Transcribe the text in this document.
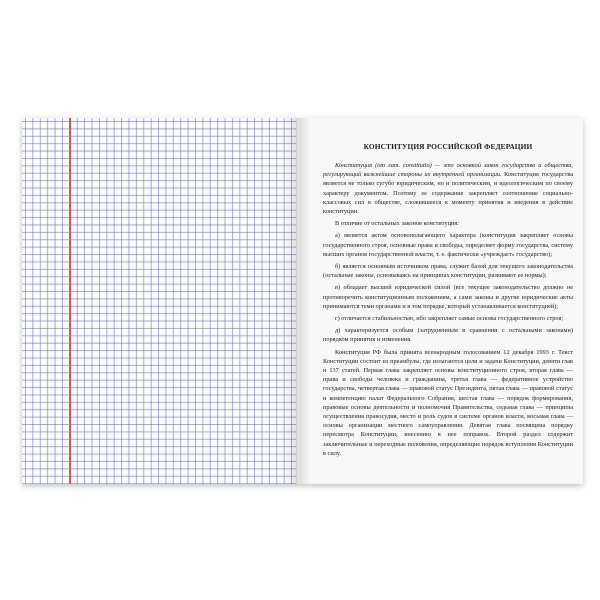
КОНСТИТУЦИЯ РОССИЙСКОЙ ФЕДЕРАЦИИ

Конституция (от лат. constitutio) — это основной закон государства и общества, регулирующий важнейшие стороны их внутренней организации. Конституция государства является не только сугубо юридическим, но и политическим, и идеологическим по своему характеру документом. Поэтому ее содержание закрепляет соотношение социально-классовых сил в обществе, сложившееся к моменту принятия и введения в действие конституции.

В отличие от остальных законов конституция:

а) является актом основополагающего характера (конституция закрепляет основы государственного строя, основные права и свободы, определяет форму государства, систему высших органов государственной власти, т. е. фактически «учреждает» государство);

б) является основным источником права, служит базой для текущего законодательства (остальные законы, основываясь на принципах конституции, развивают ее нормы);

в) обладает высшей юридической силой (все текущее законодательство должно не противоречить конституционным положениям, а сами законы и другие юридические акты принимаются теми органами и в том порядке, который устанавливается конституцией);

г) отличается стабильностью, ибо закрепляет самые основы государственного строя;

д) характеризуется особым (затрудненным в сравнении с остальными законами) порядком принятия и изменения.

Конституция РФ была принята всенародным голосованием 12 декабря 1993 г. Текст Конституции состоит из преамбулы, где излагаются цели и задачи Конституции, девяти глав и 137 статей. Первая глава закрепляет основы конституционного строя, вторая глава — права и свободы человека и гражданина, третья глава — федеративное устройство государства, четвертая глава — правовой статус Президента, пятая глава — правовой статус и компетенцию палат Федерального Собрания, шестая глава — порядок формирования, правовые основы деятельности и полномочия Правительства, седьмая глава — принципы осуществления правосудия, место и роль судов в системе органов власти, восьмая глава — основы организации местного самоуправления. Девятая глава посвящена порядку пересмотра Конституции, внесению в нее поправок. Второй раздел содержит заключительные и переходные положения, определяющие порядок вступления Конституции в силу.
